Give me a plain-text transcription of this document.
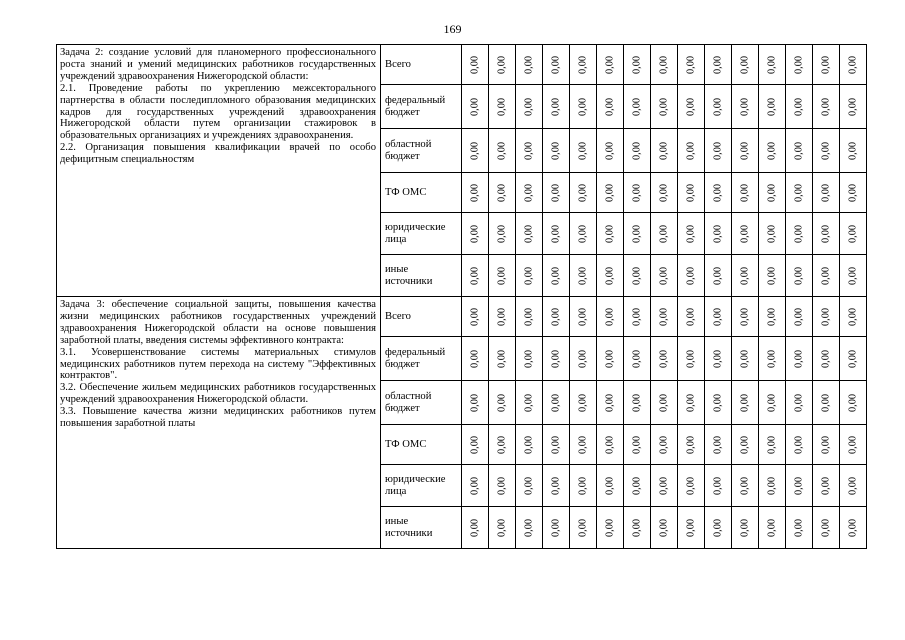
169
Задача 2: создание условий для планомерного профессионального роста знаний и умений медицинских работников государственных учреждений здравоохранения Нижегородской области:
2.1. Проведение работы по укреплению межсекторального партнерства в области последипломного образования медицинских кадров для государственных учреждений здравоохранения Нижегородской области путем организации стажировок в образовательных организациях и учреждениях здравоохранения.
2.2. Организация повышения квалификации врачей по особо дефицитным специальностям	Всего	0,00	0,00	0,00	0,00	0,00	0,00	0,00	0,00	0,00	0,00	0,00	0,00	0,00	0,00	0,00

	федеральный бюджет	0,00	0,00	0,00	0,00	0,00	0,00	0,00	0,00	0,00	0,00	0,00	0,00	0,00	0,00	0,00

	областной бюджет	0,00	0,00	0,00	0,00	0,00	0,00	0,00	0,00	0,00	0,00	0,00	0,00	0,00	0,00	0,00

	ТФ ОМС	0,00	0,00	0,00	0,00	0,00	0,00	0,00	0,00	0,00	0,00	0,00	0,00	0,00	0,00	0,00

	юридические лица	0,00	0,00	0,00	0,00	0,00	0,00	0,00	0,00	0,00	0,00	0,00	0,00	0,00	0,00	0,00

	иные источники	0,00	0,00	0,00	0,00	0,00	0,00	0,00	0,00	0,00	0,00	0,00	0,00	0,00	0,00	0,00

Задача 3: обеспечение социальной защиты, повышения качества жизни медицинских работников государственных учреждений здравоохранения Нижегородской области на основе повышения заработной платы, введения системы эффективного контракта:
3.1. Усовершенствование системы материальных стимулов медицинских работников путем перехода на систему "Эффективных контрактов".
3.2. Обеспечение жильем медицинских работников государственных учреждений здравоохранения Нижегородской области.
3.3. Повышение качества жизни медицинских работников путем повышения заработной платы	Всего	0,00	0,00	0,00	0,00	0,00	0,00	0,00	0,00	0,00	0,00	0,00	0,00	0,00	0,00	0,00

	федеральный бюджет	0,00	0,00	0,00	0,00	0,00	0,00	0,00	0,00	0,00	0,00	0,00	0,00	0,00	0,00	0,00

	областной бюджет	0,00	0,00	0,00	0,00	0,00	0,00	0,00	0,00	0,00	0,00	0,00	0,00	0,00	0,00	0,00

	ТФ ОМС	0,00	0,00	0,00	0,00	0,00	0,00	0,00	0,00	0,00	0,00	0,00	0,00	0,00	0,00	0,00

	юридические лица	0,00	0,00	0,00	0,00	0,00	0,00	0,00	0,00	0,00	0,00	0,00	0,00	0,00	0,00	0,00

	иные источники	0,00	0,00	0,00	0,00	0,00	0,00	0,00	0,00	0,00	0,00	0,00	0,00	0,00	0,00	0,00
